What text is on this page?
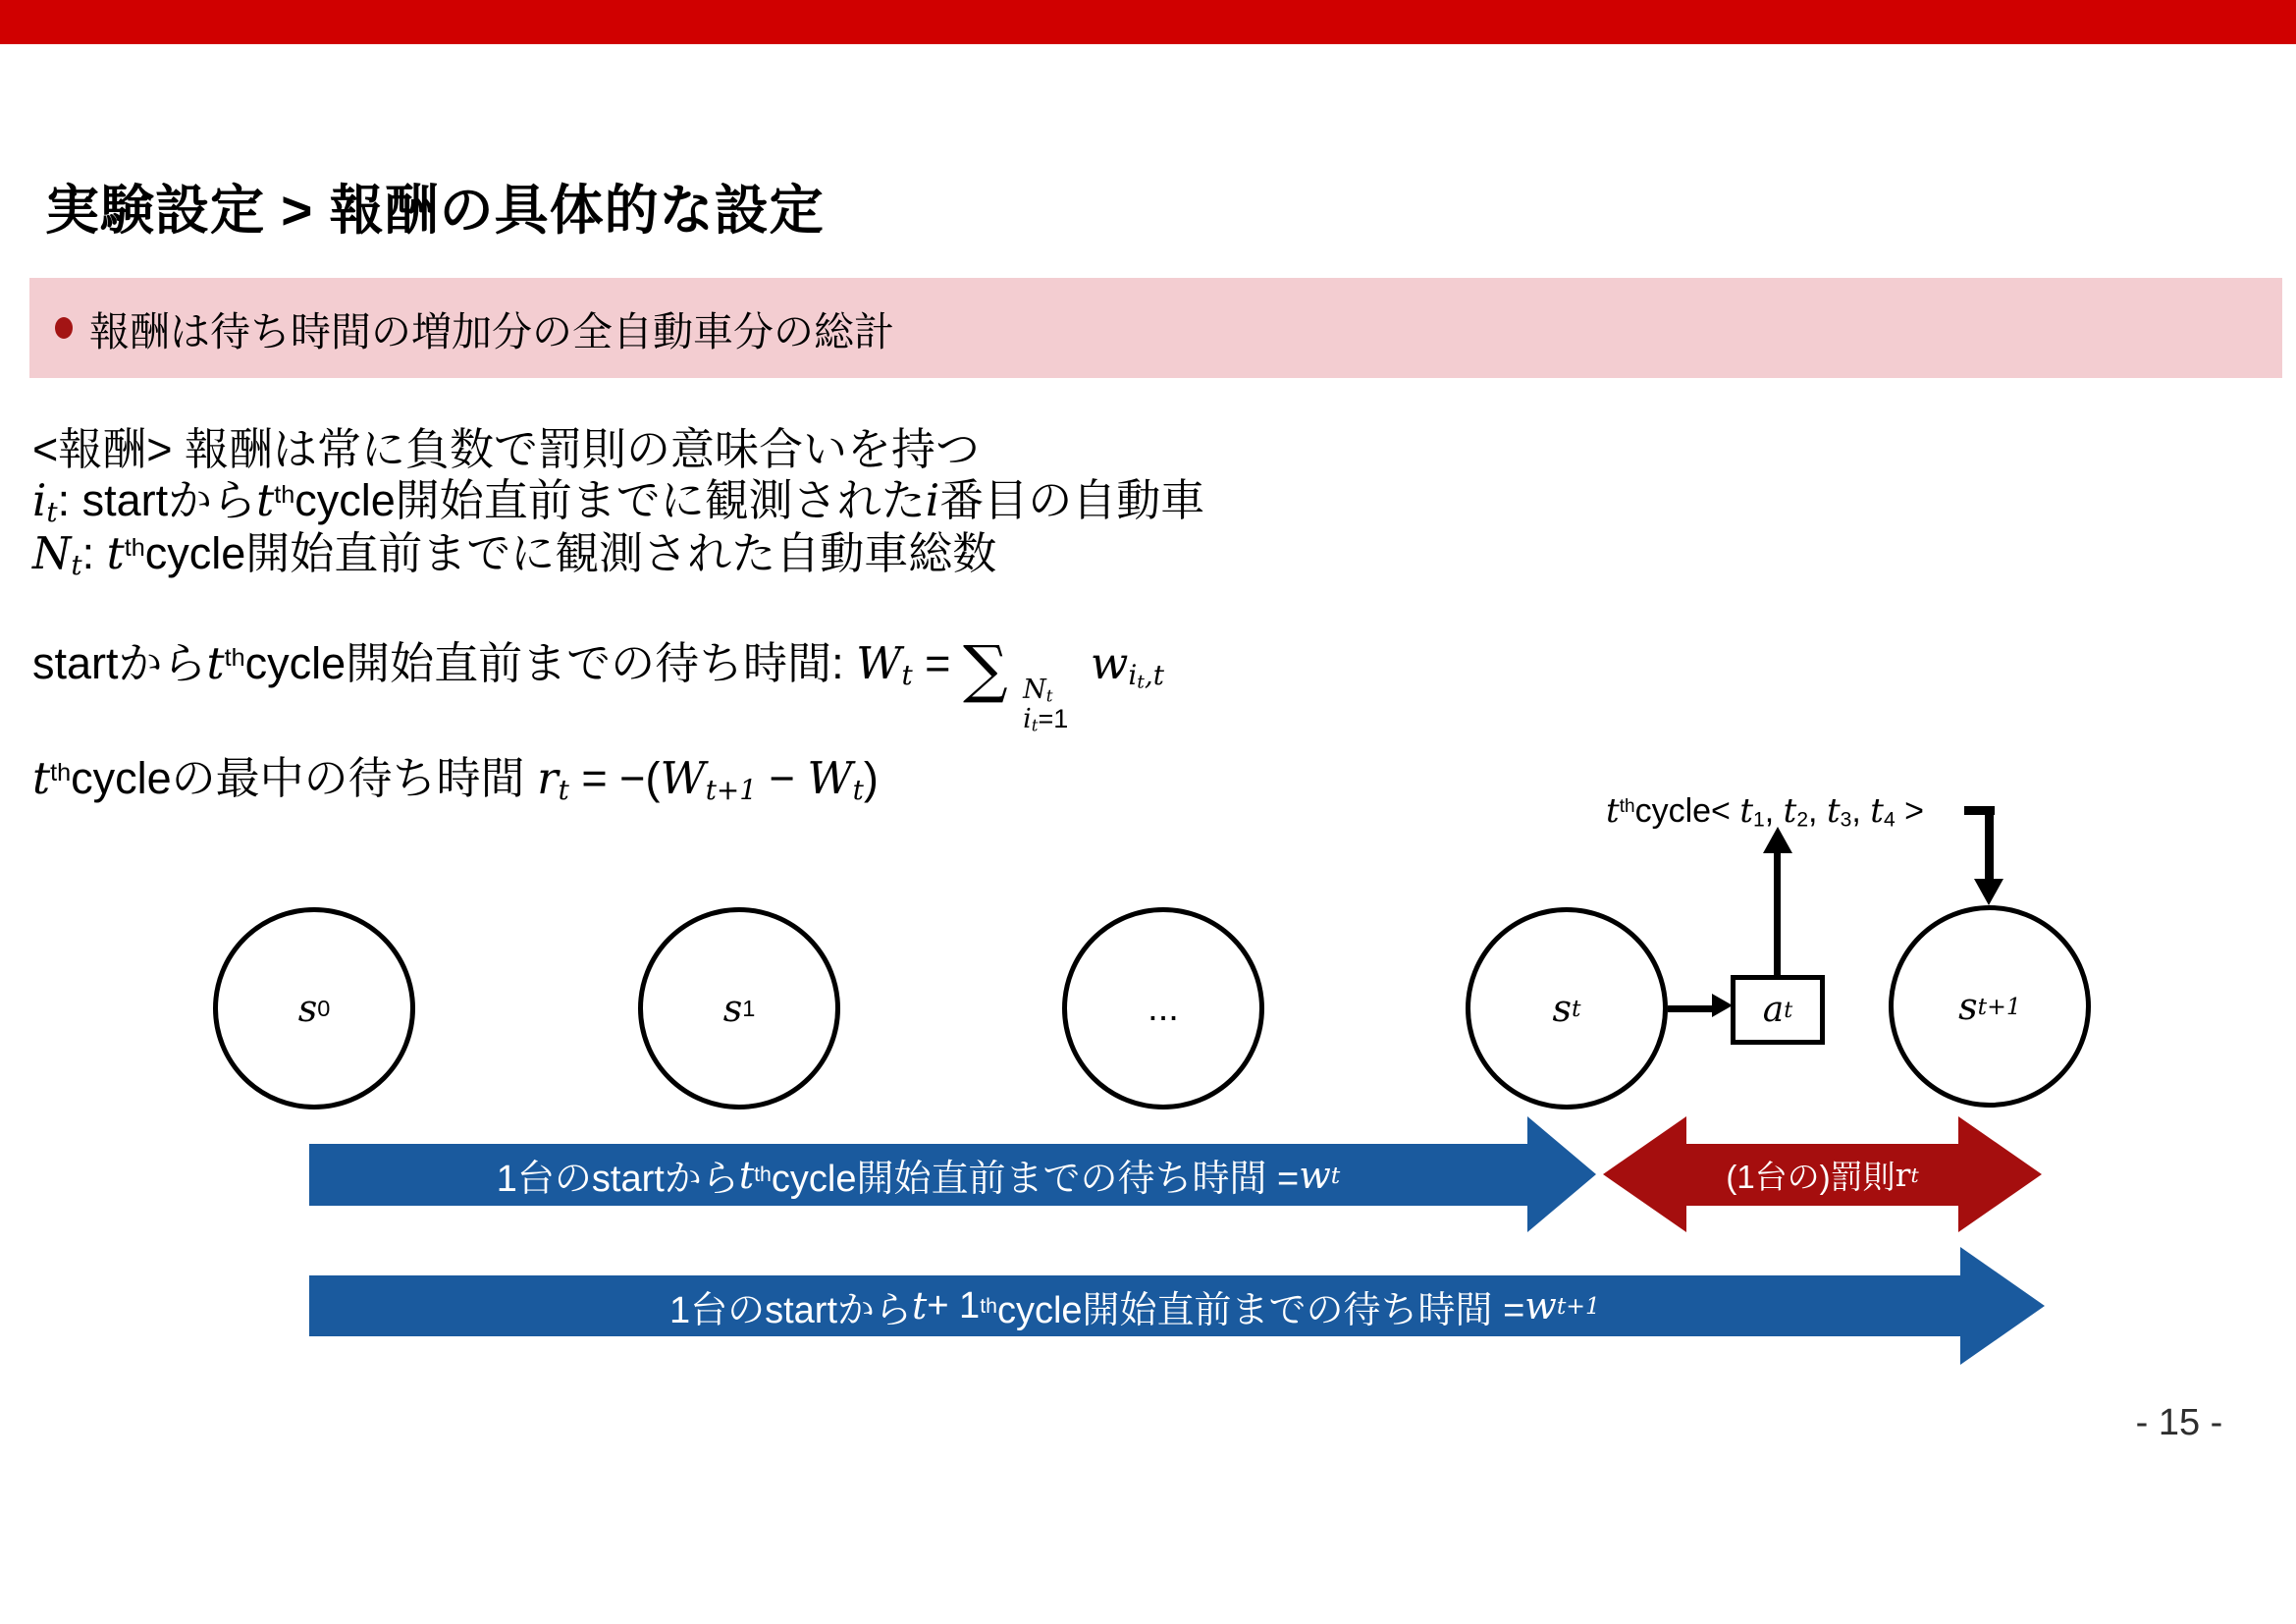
実験設定 > 報酬の具体的な設定
報酬は待ち時間の増加分の全自動車分の総計
<報酬> 報酬は常に負数で罰則の意味合いを持つ
it: startから$t^{th}cycle$開始直前までに観測されたi番目の自動車
Nt: $t^{th}cycle$開始直前までに観測された自動車総数
startから$t^{th}cycle$開始直前までの待ち時間: Wt = ∑ Nt
it=1
$wi_t,t$
$t^{th}cycle$の最中の待ち時間 rt = −(Wt+1 − Wt)
$t^{th}cycle< t1$, t2, t3, t4 >
s 0	s 1	...	s t	s t+1
a t
1台のstartから t th cycle開始直前までの待ち時間 = w t	(1台の)罰則 r t
1台のstartから t + 1 th cycle開始直前までの待ち時間 = w t+1
- 15 -
